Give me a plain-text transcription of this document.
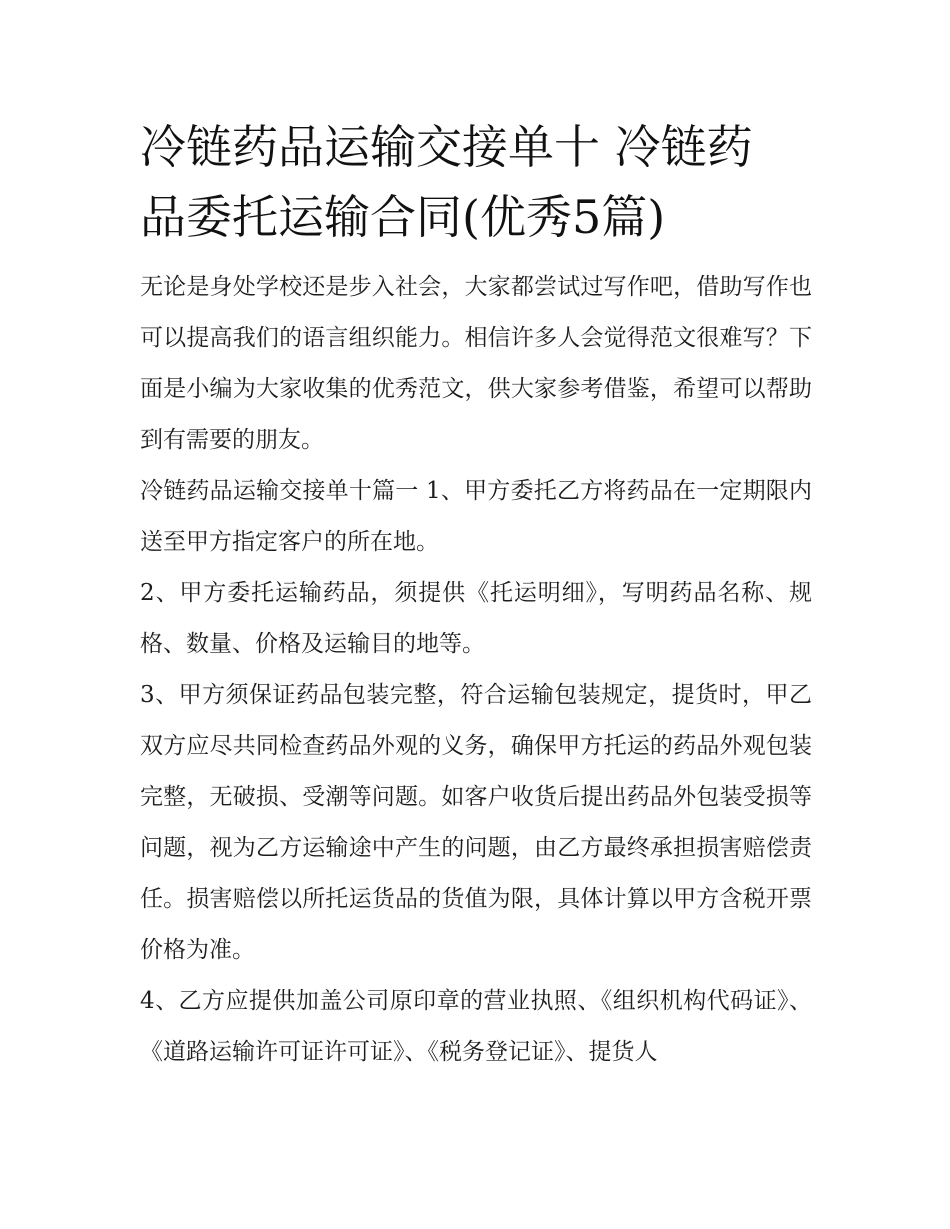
冷链药品运输交接单十 冷链药
品委托运输合同(优秀5篇)

无论是身处学校还是步入社会，大家都尝试过写作吧，借助写作也可以提高我们的语言组织能力。相信许多人会觉得范文很难写？下面是小编为大家收集的优秀范文，供大家参考借鉴，希望可以帮助到有需要的朋友。

冷链药品运输交接单十篇一 1、甲方委托乙方将药品在一定期限内送至甲方指定客户的所在地。

2、甲方委托运输药品，须提供《托运明细》，写明药品名称、规格、数量、价格及运输目的地等。

3、甲方须保证药品包装完整，符合运输包装规定，提货时，甲乙双方应尽共同检查药品外观的义务，确保甲方托运的药品外观包装完整，无破损、受潮等问题。如客户收货后提出药品外包装受损等问题，视为乙方运输途中产生的问题，由乙方最终承担损害赔偿责任。损害赔偿以所托运货品的货值为限，具体计算以甲方含税开票价格为准。

4、乙方应提供加盖公司原印章的营业执照、《组织机构代码证》、《道路运输许可证许可证》、《税务登记证》、提货人
